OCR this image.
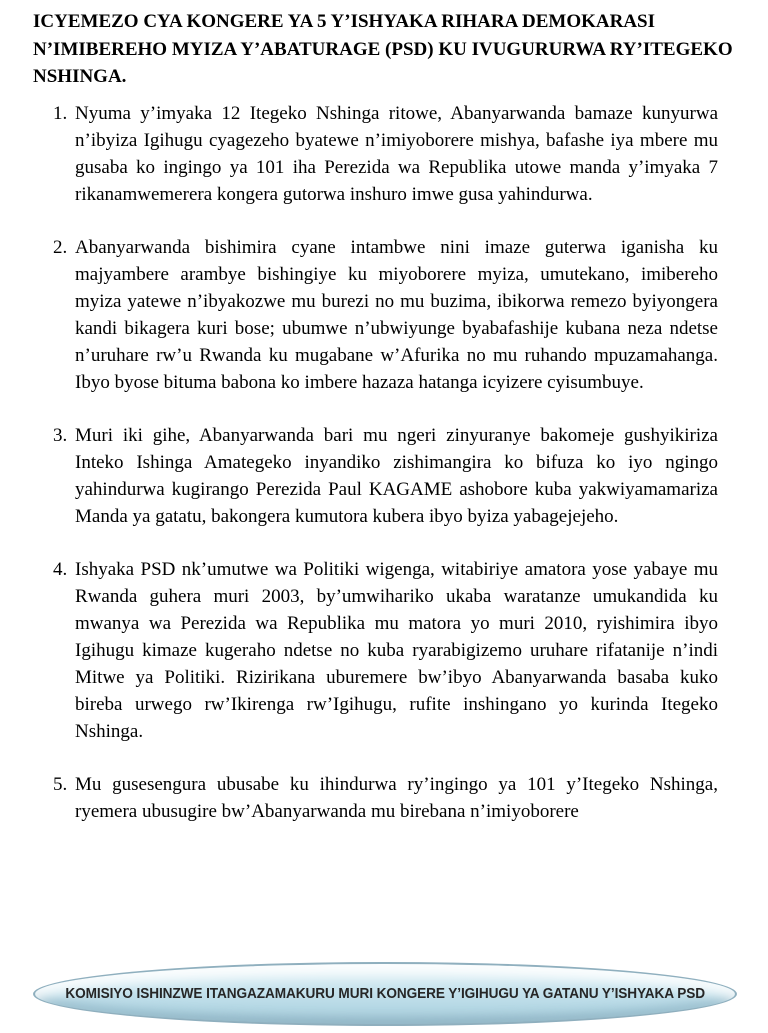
ICYEMEZO CYA KONGERE YA 5 Y’ISHYAKA RIHARA DEMOKARASI N’IMIBEREHO MYIZA Y’ABATURAGE (PSD) KU IVUGURURWA RY’ITEGEKO NSHINGA.
Nyuma y’imyaka 12 Itegeko Nshinga ritowe, Abanyarwanda bamaze kunyurwa n’ibyiza Igihugu cyagezeho byatewe n’imiyoborere mishya, bafashe iya mbere mu gusaba ko ingingo ya 101 iha Perezida wa Republika utowe manda y’imyaka 7 rikanamwemerera kongera gutorwa inshuro imwe gusa yahindurwa.
Abanyarwanda bishimira cyane intambwe nini imaze guterwa iganisha ku majyambere arambye bishingiye ku miyoborere myiza, umutekano, imibereho myiza yatewe n’ibyakozwe mu burezi no mu buzima, ibikorwa remezo byiyongera kandi bikagera kuri bose; ubumwe n’ubwiyunge byabafashije kubana neza ndetse n’uruhare rw’u Rwanda ku mugabane w’Afurika no mu ruhando mpuzamahanga. Ibyo byose bituma babona ko imbere hazaza hatanga icyizere cyisumbuye.
Muri iki gihe, Abanyarwanda bari mu ngeri zinyuranye bakomeje gushyikiriza Inteko Ishinga Amategeko inyandiko zishimangira ko bifuza ko iyo ngingo yahindurwa kugirango Perezida Paul KAGAME ashobore kuba yakwiyamamariza Manda ya gatatu, bakongera kumutora kubera ibyo byiza yabagejejeho.
Ishyaka PSD nk’umutwe wa Politiki wigenga, witabiriye amatora yose yabaye mu Rwanda guhera muri 2003, by’umwihariko ukaba waratanze umukandida ku mwanya wa Perezida wa Republika mu matora yo muri 2010, ryishimira ibyo Igihugu kimaze kugeraho ndetse no kuba ryarabigizemo uruhare rifatanije n’indi Mitwe ya Politiki. Rizirikana uburemere bw’ibyo Abanyarwanda basaba kuko bireba urwego rw’Ikirenga rw’Igihugu, rufite inshingano yo kurinda Itegeko Nshinga.
Mu gusesengura ubusabe ku ihindurwa ry’ingingo ya 101 y’Itegeko Nshinga, ryemera ubusugire bw’Abanyarwanda mu birebana n’imiyoborere
KOMISIYO ISHINZWE ITANGAZAMAKURU MURI KONGERE Y’IGIHUGU YA GATANU Y’ISHYAKA PSD
